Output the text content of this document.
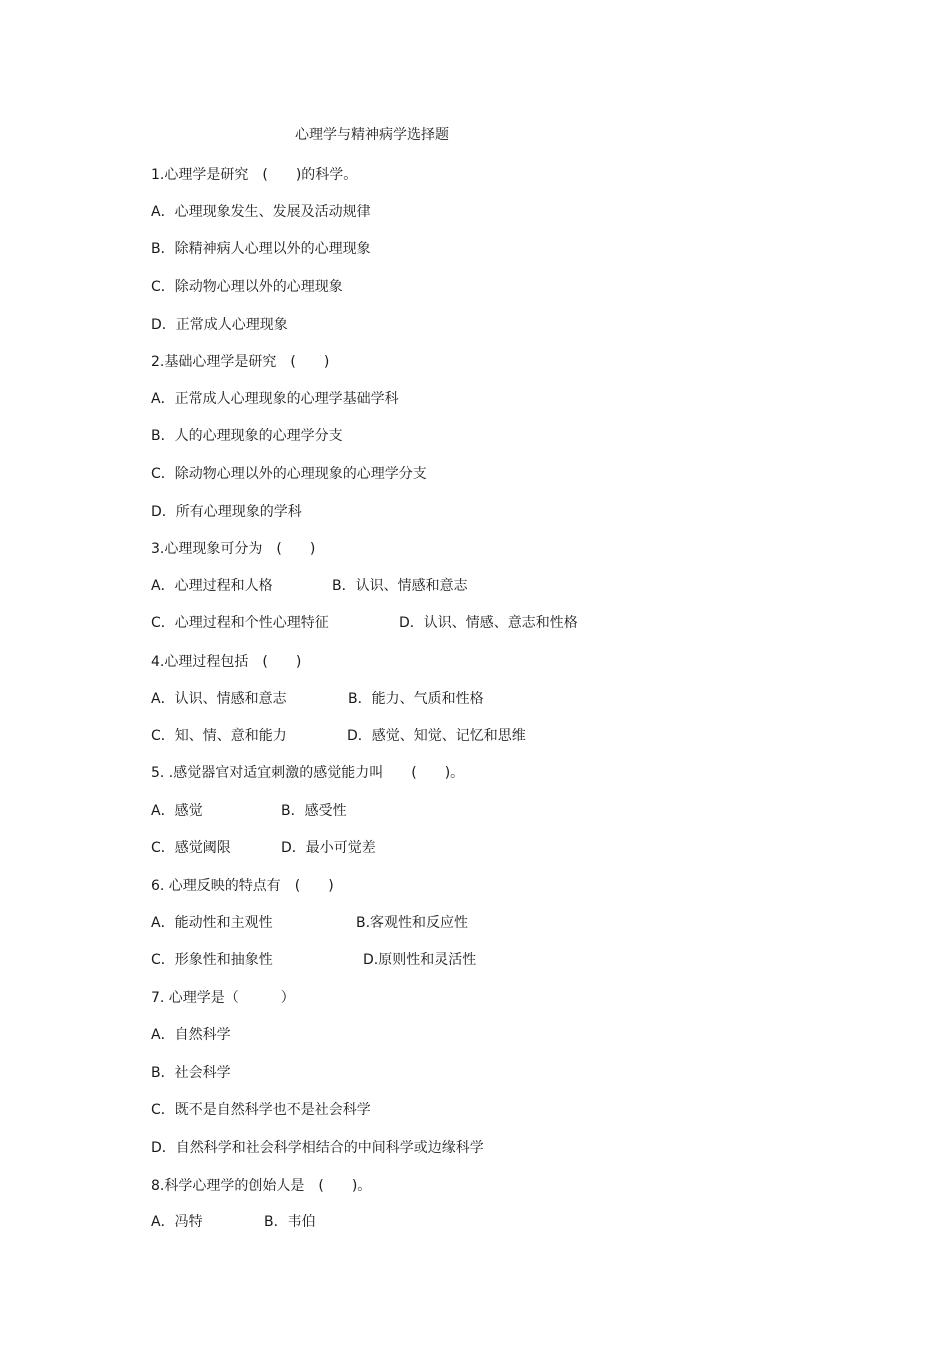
心理学与精神病学选择题
1.心理学是研究　(　　)的科学。
A．心理现象发生、发展及活动规律
B．除精神病人心理以外的心理现象
C．除动物心理以外的心理现象
D．正常成人心理现象
2.基础心理学是研究　(　　)
A．正常成人心理现象的心理学基础学科
B．人的心理现象的心理学分支
C．除动物心理以外的心理现象的心理学分支
D．所有心理现象的学科
3.心理现象可分为　(　　)
A．心理过程和人格	B．认识、情感和意志
C．心理过程和个性心理特征	D．认识、情感、意志和性格
4.心理过程包括　(　　)
A．认识、情感和意志	B．能力、气质和性格
C．知、情、意和能力	D．感觉、知觉、记忆和思维
5. .感觉器官对适宜刺激的感觉能力叫　　(　　)。
A．感觉	B．感受性
C．感觉阈限	D．最小可觉差
6. 心理反映的特点有　(　　)
A．能动性和主观性	B.客观性和反应性
C．形象性和抽象性	D.原则性和灵活性
7. 心理学是（　　　）
A．自然科学
B．社会科学
C．既不是自然科学也不是社会科学
D．自然科学和社会科学相结合的中间科学或边缘科学
8.科学心理学的创始人是　(　　)。
A．冯特	B．韦伯
